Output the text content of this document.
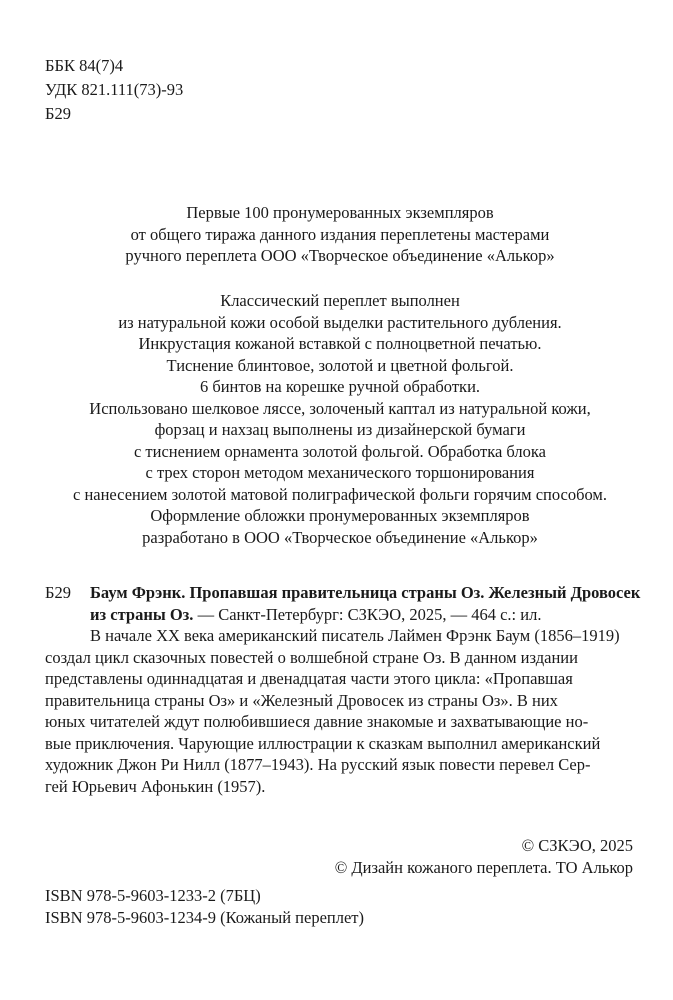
ББК 84(7)4
УДК 821.111(73)-93
Б29
Первые 100 пронумерованных экземпляров
от общего тиража данного издания переплетены мастерами
ручного переплета ООО «Творческое объединение «Алькор»
Классический переплет выполнен
из натуральной кожи особой выделки растительного дубления.
Инкрустация кожаной вставкой с полноцветной печатью.
Тиснение блинтовое, золотой и цветной фольгой.
6 бинтов на корешке ручной обработки.
Использовано шелковое ляссе, золоченый каптал из натуральной кожи,
форзац и нахзац выполнены из дизайнерской бумаги
с тиснением орнамента золотой фольгой. Обработка блока
с трех сторон методом механического торшонирования
с нанесением золотой матовой полиграфической фольги горячим способом.
Оформление обложки пронумерованных экземпляров
разработано в ООО «Творческое объединение «Алькор»
Б29 Баум Фрэнк. Пропавшая правительница страны Оз. Железный Дровосек
из страны Оз. — Санкт-Петербург: СЗКЭО, 2025, — 464 с.: ил.
В начале XX века американский писатель Лаймен Фрэнк Баум (1856–1919)
создал цикл сказочных повестей о волшебной стране Оз. В данном издании
представлены одиннадцатая и двенадцатая части этого цикла: «Пропавшая
правительница страны Оз» и «Железный Дровосек из страны Оз». В них
юных читателей ждут полюбившиеся давние знакомые и захватывающие но-
вые приключения. Чарующие иллюстрации к сказкам выполнил американский
художник Джон Ри Нилл (1877–1943). На русский язык повести перевел Сер-
гей Юрьевич Афонькин (1957).
© СЗКЭО, 2025
© Дизайн кожаного переплета. ТО Алькор
ISBN 978-5-9603-1233-2 (7БЦ)
ISBN 978-5-9603-1234-9 (Кожаный переплет)
